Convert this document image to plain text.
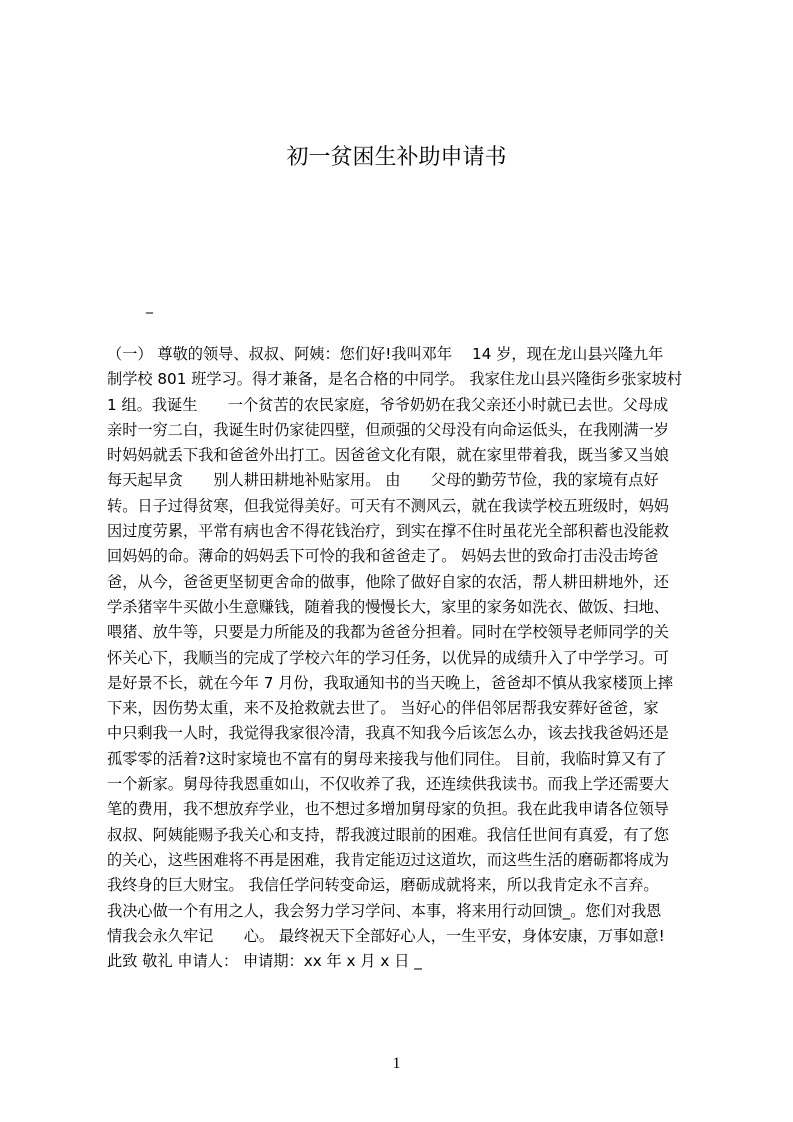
初一贫困生补助申请书
_
（一） 尊敬的领导、叔叔、阿姨：您们好!我叫邓年　 14 岁，现在龙山县兴隆九年
制学校 801 班学习。得才兼备，是名合格的中同学。 我家住龙山县兴隆街乡张家坡村
1 组。我诞生　　一个贫苦的农民家庭，爷爷奶奶在我父亲还小时就已去世。父母成
亲时一穷二白，我诞生时仍家徒四壁，但顽强的父母没有向命运低头，在我刚满一岁
时妈妈就丢下我和爸爸外出打工。因爸爸文化有限，就在家里带着我，既当爹又当娘
每天起早贪　　别人耕田耕地补贴家用。 由　　父母的勤劳节俭，我的家境有点好
转。日子过得贫寒，但我觉得美好。可天有不测风云，就在我读学校五班级时，妈妈
因过度劳累，平常有病也舍不得花钱治疗，到实在撑不住时虽花光全部积蓄也没能救
回妈妈的命。薄命的妈妈丢下可怜的我和爸爸走了。 妈妈去世的致命打击没击垮爸
爸，从今，爸爸更坚韧更舍命的做事，他除了做好自家的农活，帮人耕田耕地外，还
学杀猪宰牛买做小生意赚钱，随着我的慢慢长大，家里的家务如洗衣、做饭、扫地、
喂猪、放牛等，只要是力所能及的我都为爸爸分担着。同时在学校领导老师同学的关
怀关心下，我顺当的完成了学校六年的学习任务，以优异的成绩升入了中学学习。可
是好景不长，就在今年 7 月份，我取通知书的当天晚上，爸爸却不慎从我家楼顶上摔
下来，因伤势太重，来不及抢救就去世了。 当好心的伴侣邻居帮我安葬好爸爸，家
中只剩我一人时，我觉得我家很冷清，我真不知我今后该怎么办，该去找我爸妈还是
孤零零的活着?这时家境也不富有的舅母来接我与他们同住。 目前，我临时算又有了
一个新家。舅母待我恩重如山，不仅收养了我，还连续供我读书。而我上学还需要大
笔的费用，我不想放弃学业，也不想过多增加舅母家的负担。我在此我申请各位领导
叔叔、阿姨能赐予我关心和支持，帮我渡过眼前的困难。我信任世间有真爱，有了您
的关心，这些困难将不再是困难，我肯定能迈过这道坎，而这些生活的磨砺都将成为
我终身的巨大财宝。 我信任学问转变命运，磨砺成就将来，所以我肯定永不言弃。
我决心做一个有用之人，我会努力学习学问、本事，将来用行动回馈_。您们对我恩
情我会永久牢记　　心。 最终祝天下全部好心人，一生平安，身体安康，万事如意!
此致 敬礼 申请人： 申请期：xx 年 x 月 x 日 _
1
